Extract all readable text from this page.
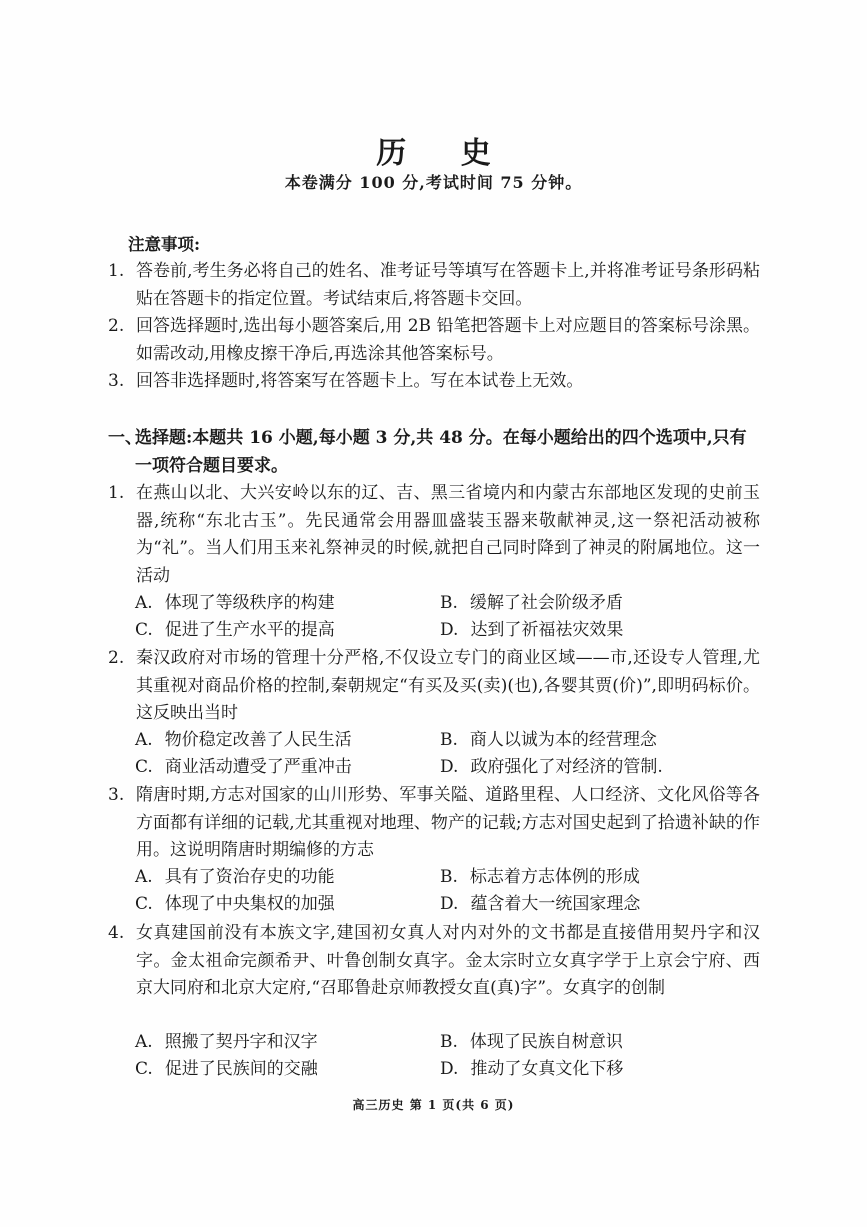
历 史
本卷满分 100 分,考试时间 75 分钟。
注意事项:
1. 答卷前,考生务必将自己的姓名、准考证号等填写在答题卡上,并将准考证号条形码粘贴在答题卡的指定位置。考试结束后,将答题卡交回。
2. 回答选择题时,选出每小题答案后,用 2B 铅笔把答题卡上对应题目的答案标号涂黑。如需改动,用橡皮擦干净后,再选涂其他答案标号。
3. 回答非选择题时,将答案写在答题卡上。写在本试卷上无效。
一、
选择题:本题共 16 小题,每小题 3 分,共 48 分。在每小题给出的四个选项中,只有一项符合题目要求。
1. 在燕山以北、大兴安岭以东的辽、吉、黑三省境内和内蒙古东部地区发现的史前玉器,统称“东北古玉”。先民通常会用器皿盛装玉器来敬献神灵,这一祭祀活动被称为“礼”。当人们用玉来礼祭神灵的时候,就把自己同时降到了神灵的附属地位。这一活动
A. 体现了等级秩序的构建	B. 缓解了社会阶级矛盾
C. 促进了生产水平的提高	D. 达到了祈福祛灾效果
2. 秦汉政府对市场的管理十分严格,不仅设立专门的商业区域——市,还设专人管理,尤其重视对商品价格的控制,秦朝规定“有买及买(卖)(也),各婴其贾(价)”,即明码标价。这反映出当时
A. 物价稳定改善了人民生活	B. 商人以诚为本的经营理念
C. 商业活动遭受了严重冲击	D. 政府强化了对经济的管制.
3. 隋唐时期,方志对国家的山川形势、军事关隘、道路里程、人口经济、文化风俗等各方面都有详细的记载,尤其重视对地理、物产的记载;方志对国史起到了拾遗补缺的作用。这说明隋唐时期编修的方志
A. 具有了资治存史的功能	B. 标志着方志体例的形成
C. 体现了中央集权的加强	D. 蕴含着大一统国家理念
4. 女真建国前没有本族文字,建国初女真人对内对外的文书都是直接借用契丹字和汉字。金太祖命完颜希尹、叶鲁创制女真字。金太宗时立女真字学于上京会宁府、西京大同府和北京大定府,“召耶鲁赴京师教授女直(真)字”。女真字的创制
A. 照搬了契丹字和汉字	B. 体现了民族自树意识
C. 促进了民族间的交融	D. 推动了女真文化下移
高三历史 第 1 页(共 6 页)
